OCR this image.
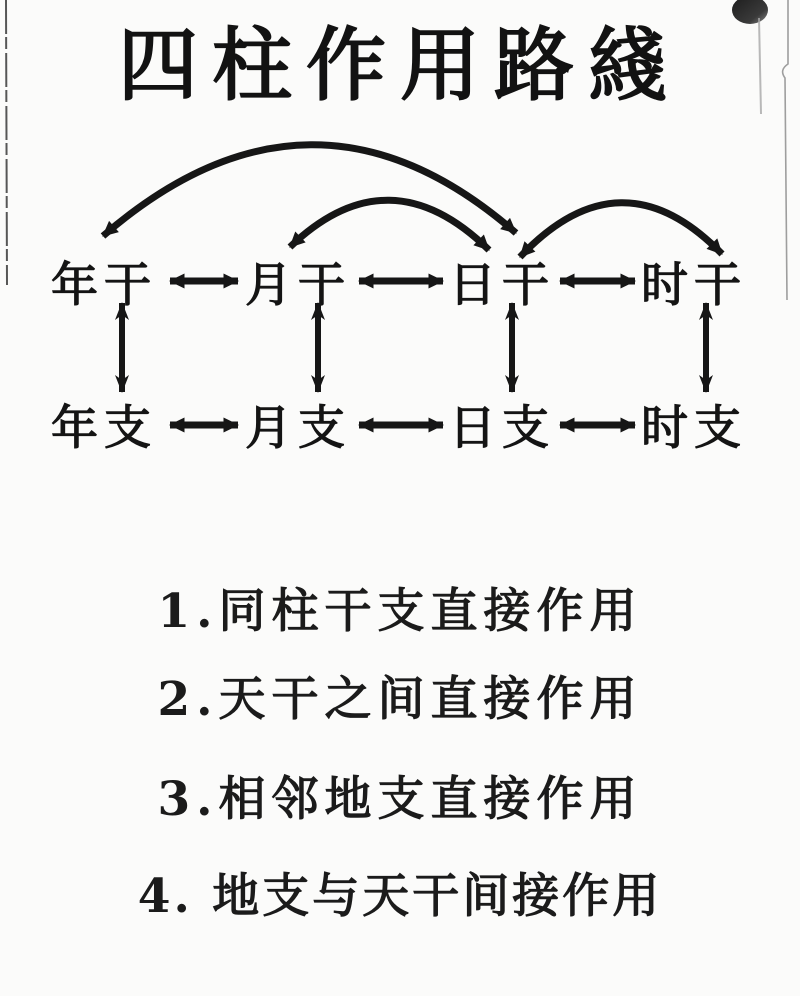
四柱作用路綫
年干 月干 日干 时干
年支 月支 日支 时支

1.同柱干支直接作用

2.天干之间直接作用

3.相邻地支直接作用

4. 地支与天干间接作用
